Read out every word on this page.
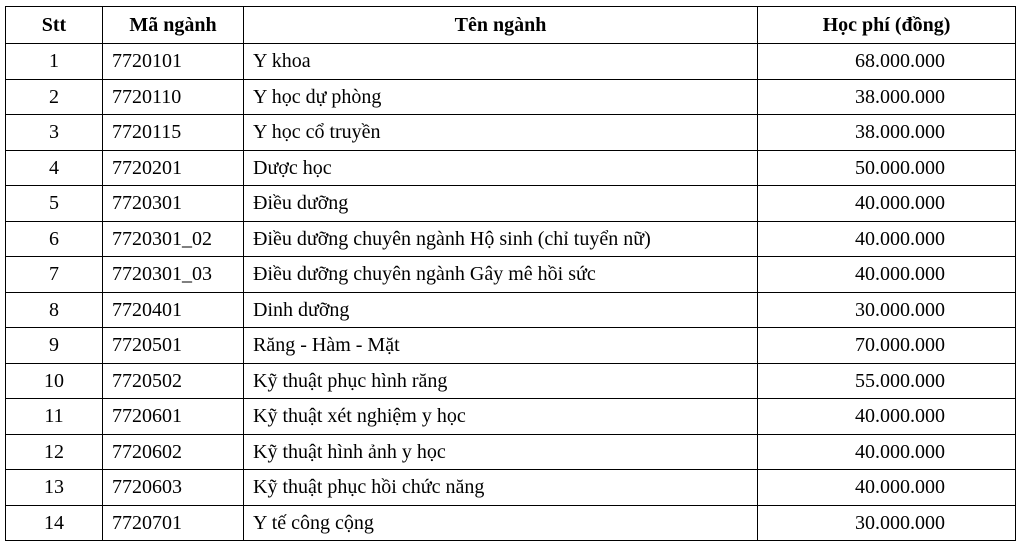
Stt	Mã ngành	Tên ngành	Học phí (đồng)
1	7720101	Y khoa	68.000.000
2	7720110	Y học dự phòng	38.000.000
3	7720115	Y học cổ truyền	38.000.000
4	7720201	Dược học	50.000.000
5	7720301	Điều dưỡng	40.000.000
6	7720301_02	Điều dưỡng chuyên ngành Hộ sinh (chỉ tuyển nữ)	40.000.000
7	7720301_03	Điều dưỡng chuyên ngành Gây mê hồi sức	40.000.000
8	7720401	Dinh dưỡng	30.000.000
9	7720501	Răng - Hàm - Mặt	70.000.000
10	7720502	Kỹ thuật phục hình răng	55.000.000
11	7720601	Kỹ thuật xét nghiệm y học	40.000.000
12	7720602	Kỹ thuật hình ảnh y học	40.000.000
13	7720603	Kỹ thuật phục hồi chức năng	40.000.000
14	7720701	Y tế công cộng	30.000.000
